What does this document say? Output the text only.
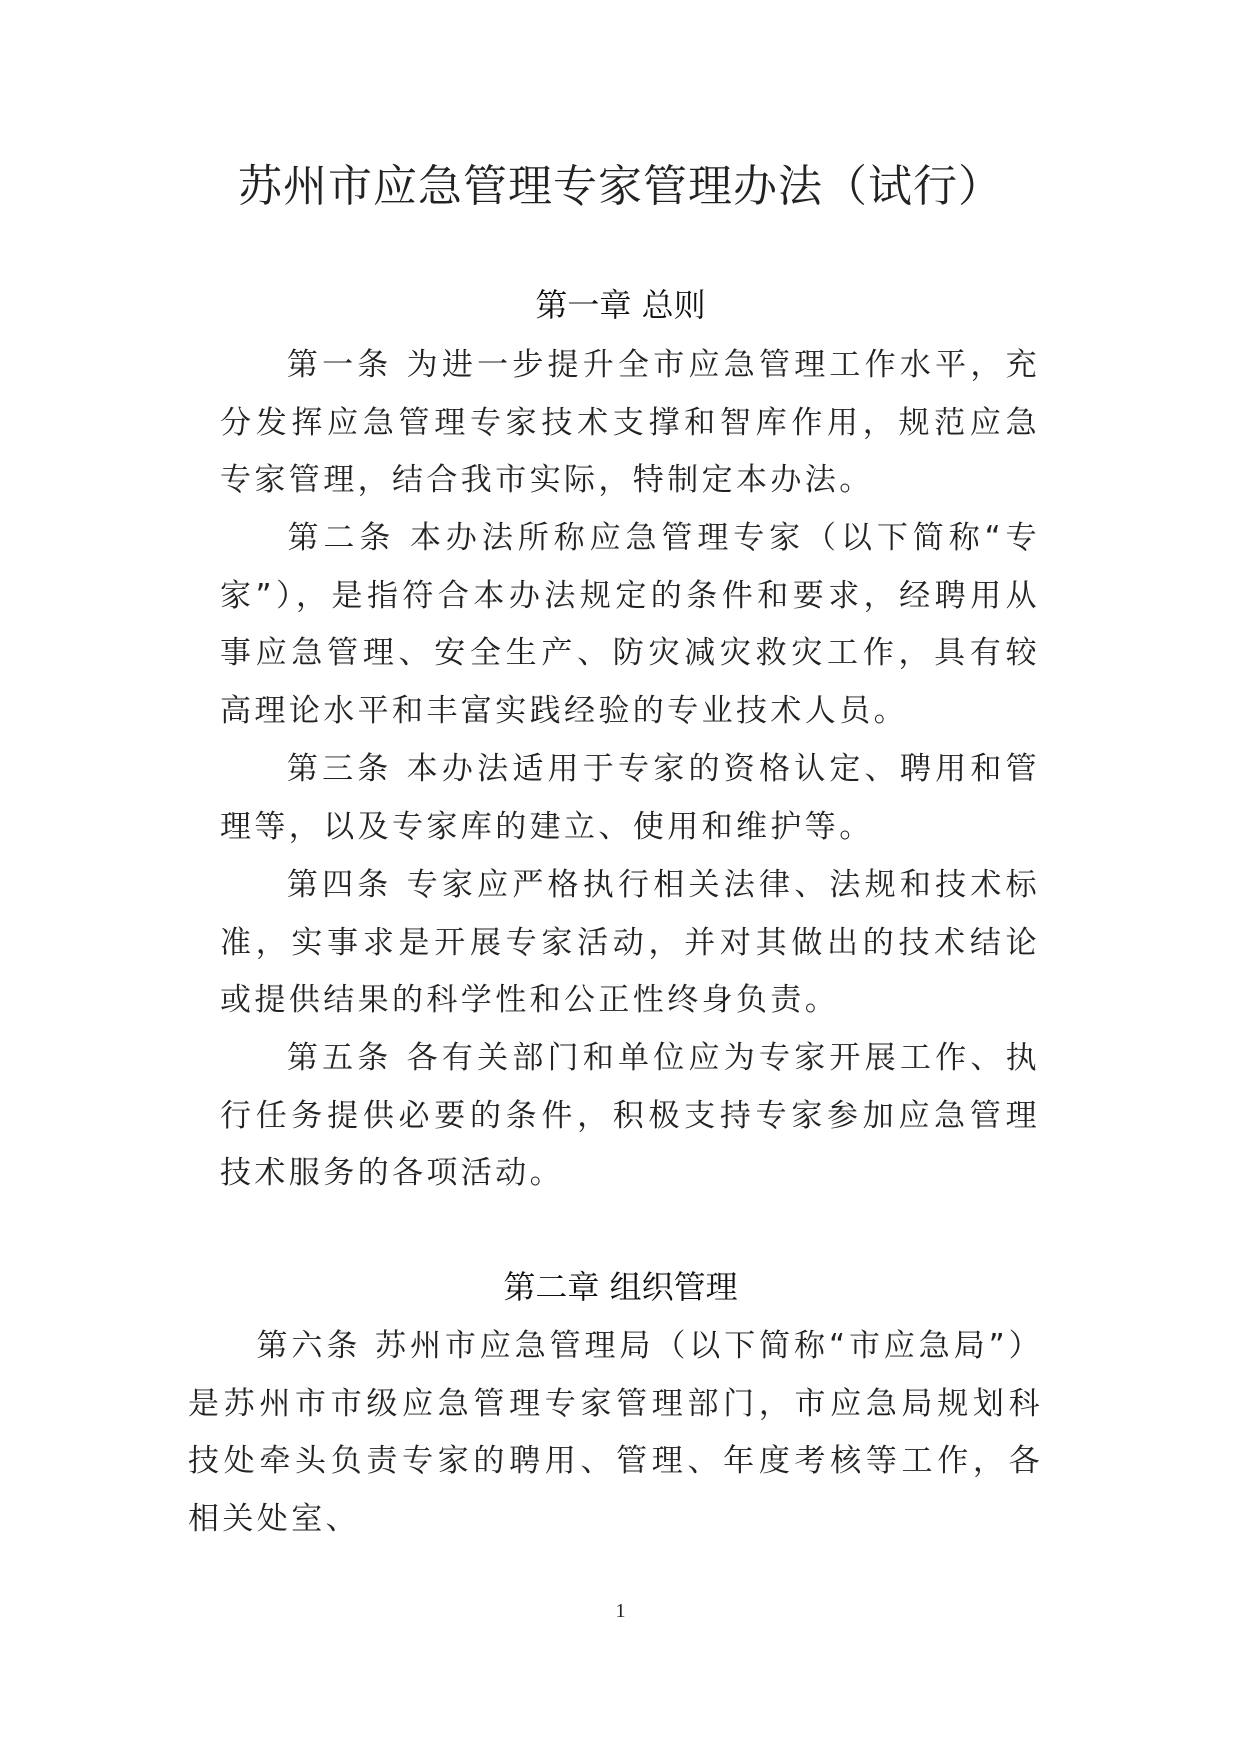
苏州市应急管理专家管理办法（试行）
第一章 总则

第一条 为进一步提升全市应急管理工作水平，充分发挥应急管理专家技术支撑和智库作用，规范应急专家管理，结合我市实际，特制定本办法。

第二条 本办法所称应急管理专家（以下简称“专家”），是指符合本办法规定的条件和要求，经聘用从事应急管理、安全生产、防灾减灾救灾工作，具有较高理论水平和丰富实践经验的专业技术人员。

第三条 本办法适用于专家的资格认定、聘用和管理等，以及专家库的建立、使用和维护等。

第四条 专家应严格执行相关法律、法规和技术标准，实事求是开展专家活动，并对其做出的技术结论或提供结果的科学性和公正性终身负责。

第五条 各有关部门和单位应为专家开展工作、执行任务提供必要的条件，积极支持专家参加应急管理技术服务的各项活动。

第二章 组织管理

第六条 苏州市应急管理局（以下简称“市应急局”）是苏州市市级应急管理专家管理部门，市应急局规划科技处牵头负责专家的聘用、管理、年度考核等工作，各相关处室、

1
